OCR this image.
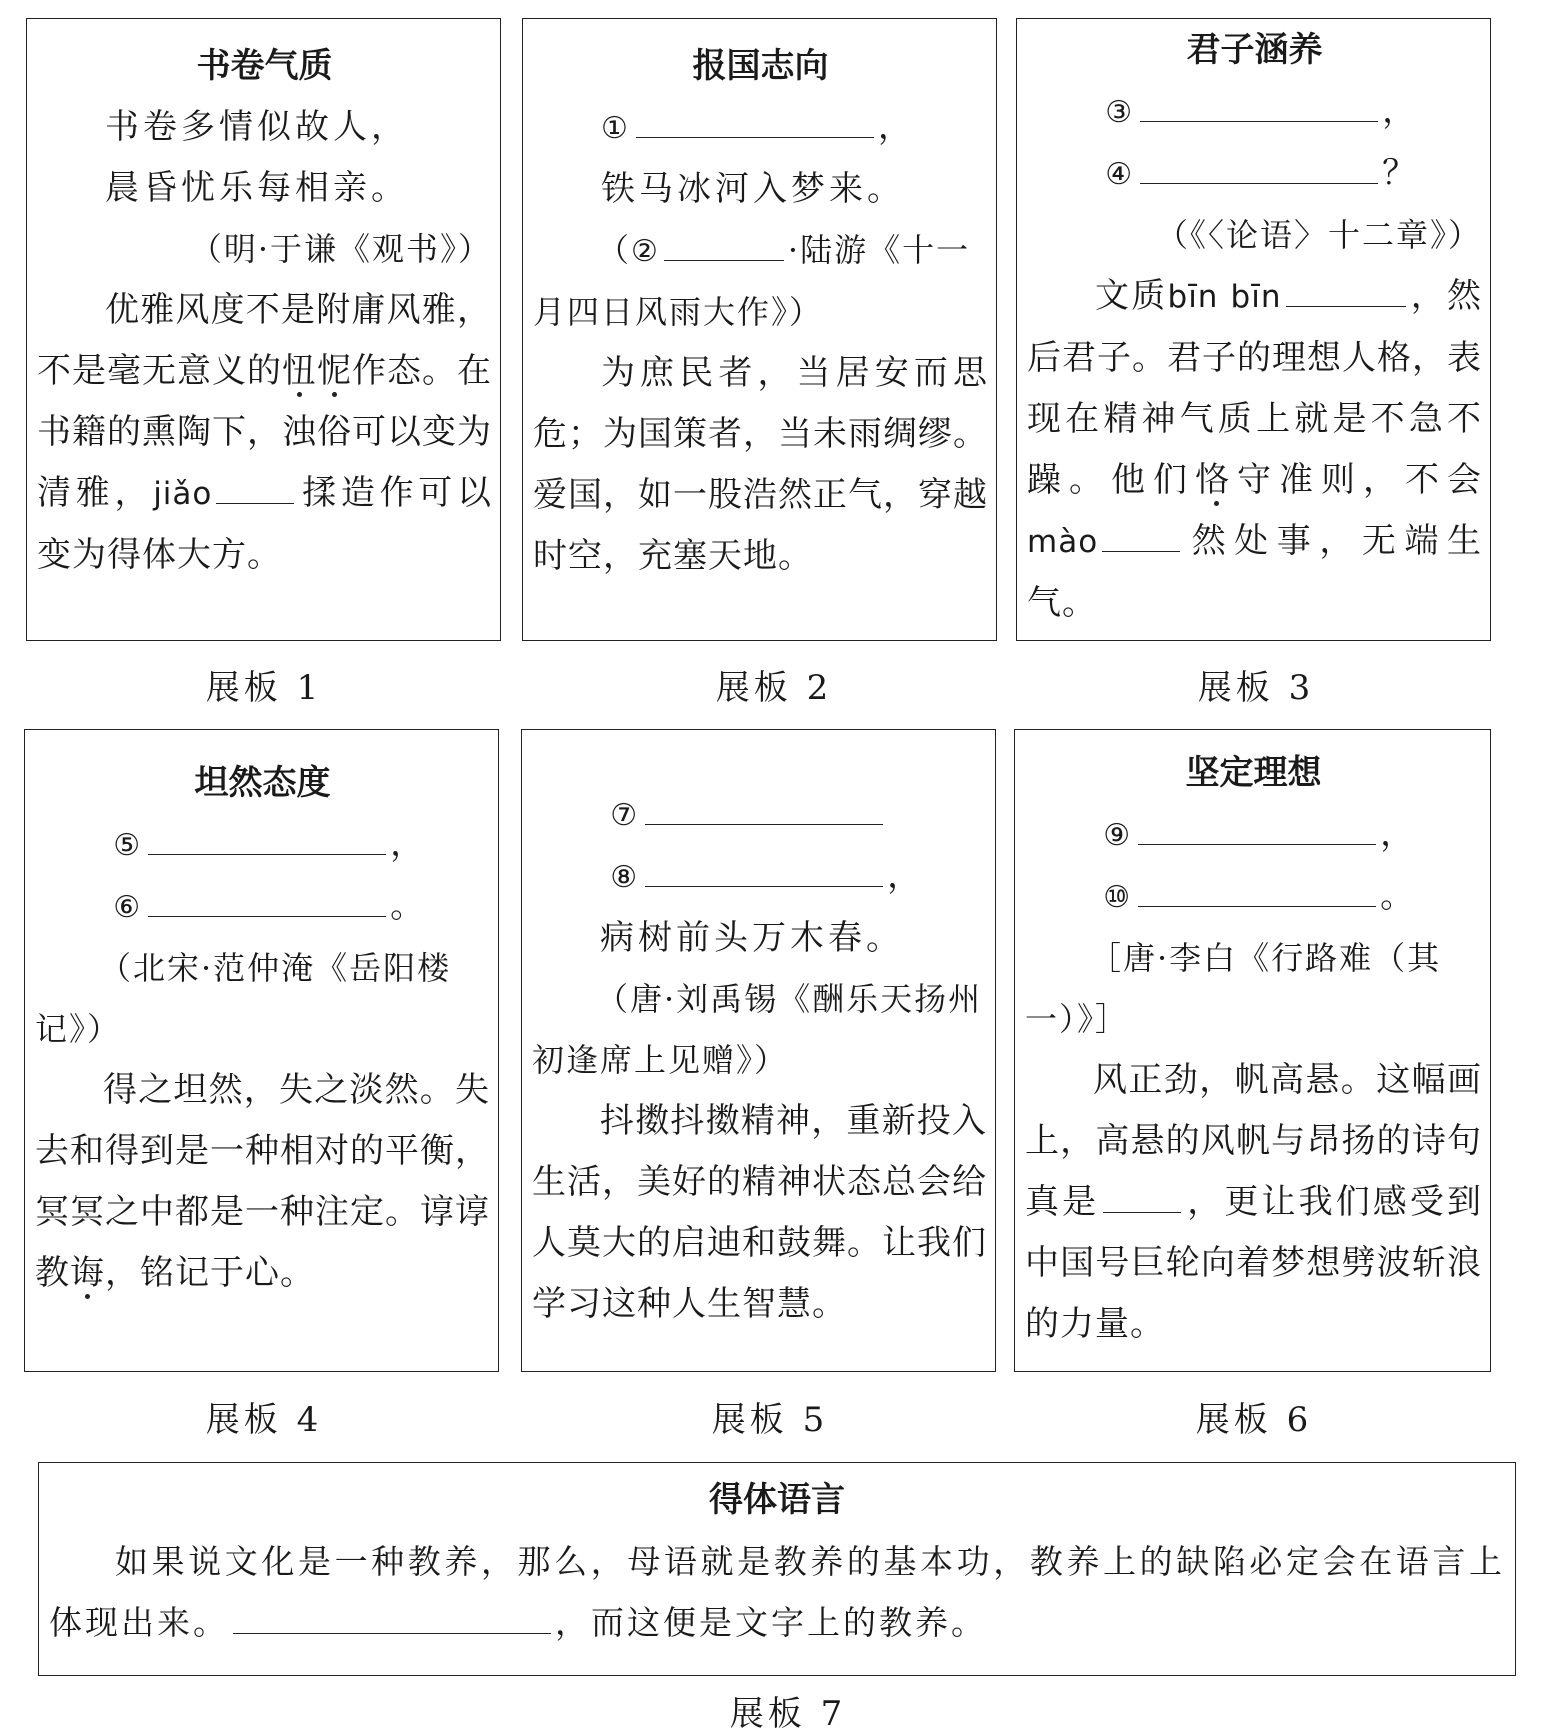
书卷气质

书卷多情似故人，

晨昏忧乐每相亲。

（明·于谦《观书》）

优雅风度不是附庸风雅，不是毫无意义的忸怩作态。在书籍的熏陶下，浊俗可以变为清雅，jiǎo	揉造作可以变为得体大方。

展板 1
报国志向

①	，

铁马冰河入梦来。

（②	·陆游《十一月四日风雨大作》）

为庶民者，当居安而思危；为国策者，当未雨绸缪。爱国，如一股浩然正气，穿越时空，充塞天地。

展板 2
君子涵养

③	，

④	？

（《〈论语〉十二章》）

文质bīn bīn	，然后君子。君子的理想人格，表现在精神气质上就是不急不躁。他们恪守准则，不会mào	然处事，无端生气。

展板 3
坦然态度

⑤	，

⑥	。

（北宋·范仲淹《岳阳楼记》）

得之坦然，失之淡然。失去和得到是一种相对的平衡，冥冥之中都是一种注定。谆谆教诲，铭记于心。

展板 4

⑦

⑧	，

病树前头万木春。

（唐·刘禹锡《酬乐天扬州初逢席上见赠》）

抖擞抖擞精神，重新投入生活，美好的精神状态总会给人莫大的启迪和鼓舞。让我们学习这种人生智慧。

展板 5
坚定理想

⑨	，

⑩	。

［唐·李白《行路难（其一）》］

风正劲，帆高悬。这幅画上，高悬的风帆与昂扬的诗句真是	，更让我们感受到中国号巨轮向着梦想劈波斩浪的力量。

展板 6
得体语言

如果说文化是一种教养，那么，母语就是教养的基本功，教养上的缺陷必定会在语言上体现出来。	，而这便是文字上的教养。

展板 7
